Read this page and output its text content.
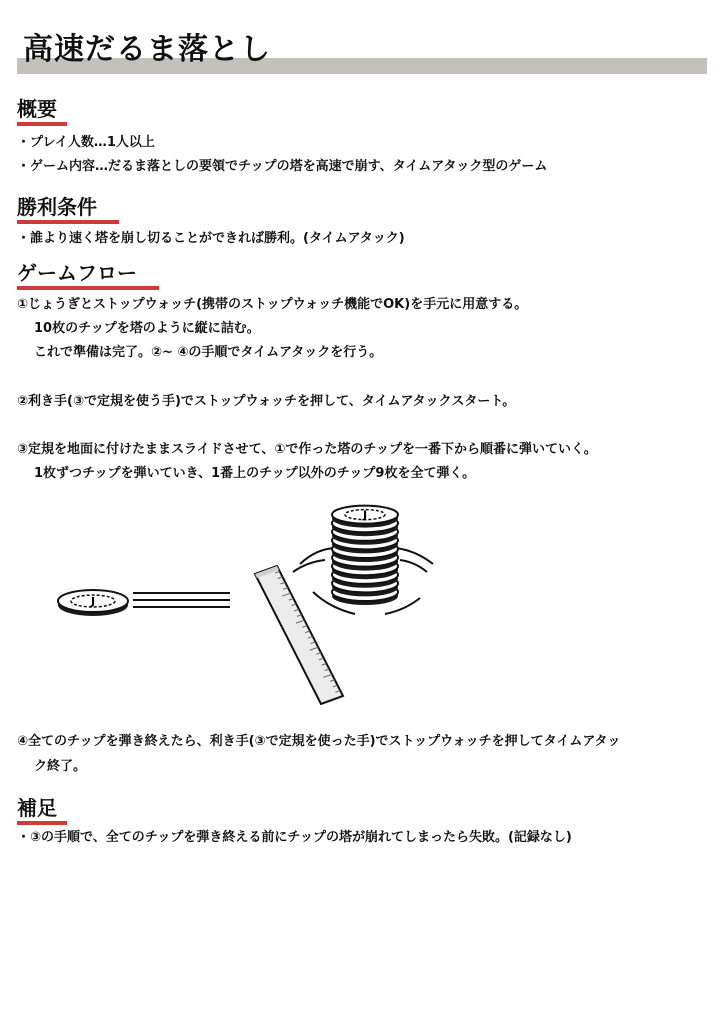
高速だるま落とし
概要

・プレイ人数…1人以上

・ゲーム内容…だるま落としの要領でチップの塔を高速で崩す、タイムアタック型のゲーム

勝利条件

・誰より速く塔を崩し切ることができれば勝利。(タイムアタック)

ゲームフロー

①じょうぎとストップウォッチ(携帯のストップウォッチ機能でOK)を手元に用意する。

10枚のチップを塔のように縦に詰む。

これで準備は完了。②~ ④の手順でタイムアタックを行う。

②利き手(③で定規を使う手)でストップウォッチを押して、タイムアタックスタート。

③定規を地面に付けたままスライドさせて、①で作った塔のチップを一番下から順番に弾いていく。

1枚ずつチップを弾いていき、1番上のチップ以外のチップ9枚を全て弾く。

J
J

④全てのチップを弾き終えたら、利き手(③で定規を使った手)でストップウォッチを押してタイムアタッ

ク終了。

補足

・③の手順で、全てのチップを弾き終える前にチップの塔が崩れてしまったら失敗。(記録なし)
